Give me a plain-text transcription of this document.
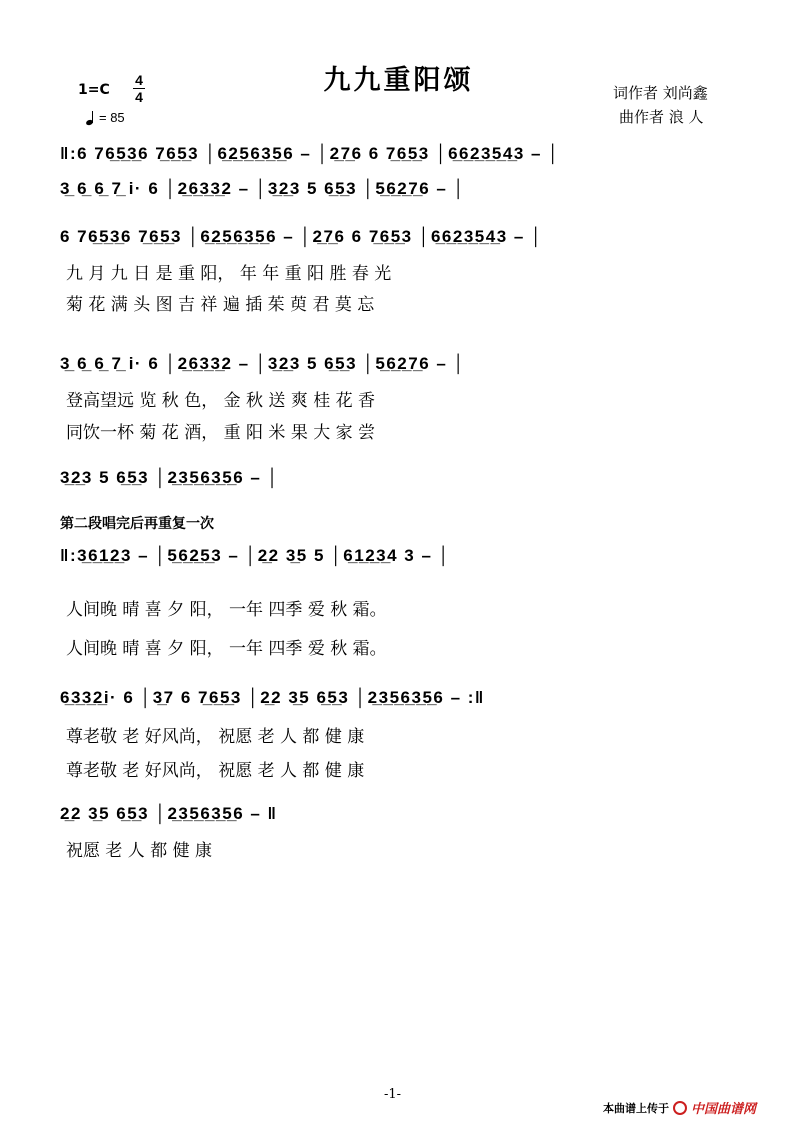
九九重阳颂
1=C
4
4
= 85
词作者 刘尚鑫
曲作者 浪 人
‖:6 76̲5̲3̲6 7̲6̲5̲3 │6̲2̲5̲6̲3̲5̲6 – │2̲7̲6 6 7̲6̲5̲3 │6̲6̲2̲3̲5̲4̲3 – │
3̲ 6̲ 6̲ 7̲ i· 6 │2̲6̲3̲3̲2 – │3̲2̲3 5 6̲5̲3 │5̲6̲2̲7̲6 – │
6 76̲5̲3̲6 7̲6̲5̲3 │6̲2̲5̲6̲3̲5̲6 – │2̲7̲6 6 7̲6̲5̲3 │6̲6̲2̲3̲5̲4̲3 – │
九 月 九 日 是 重 阳， 年 年 重 阳 胜 春 光
菊 花 满 头 图 吉 祥 遍 插 茱 萸 君 莫 忘
3̲ 6̲ 6̲ 7̲ i· 6 │2̲6̲3̲3̲2 – │3̲2̲3 5 6̲5̲3 │5̲6̲2̲7̲6 – │
登高望远 览 秋 色， 金 秋 送 爽 桂 花 香
同饮一杯 菊 花 酒， 重 阳 米 果 大 家 尝
3̲2̲3 5 6̲5̲3 │2̲3̲5̲6̲3̲5̲6 – │
第二段唱完后再重复一次
‖:3̲6̲1̲2̲3 – │5̲6̲2̲5̲3 – │2̲2 3̲5 5 │6̲1̲2̲3̲4 3 – │
人间晚 晴 喜 夕 阳， 一年 四季 爱 秋 霜。
人间晚 晴 喜 夕 阳， 一年 四季 爱 秋 霜。
6̲3̲3̲2̲i· 6 │3̲7 6 7̲6̲5̲3 │2̲2 3̲5 6̲5̲3 │2̲3̲5̲6̲3̲5̲6 – :‖
尊老敬 老 好风尚， 祝愿 老 人 都 健 康
尊老敬 老 好风尚， 祝愿 老 人 都 健 康
2̲2 3̲5 6̲5̲3 │2̲3̲5̲6̲3̲5̲6 – ‖
祝愿 老 人 都 健 康
-1-
本曲谱上传于 中国曲谱网
